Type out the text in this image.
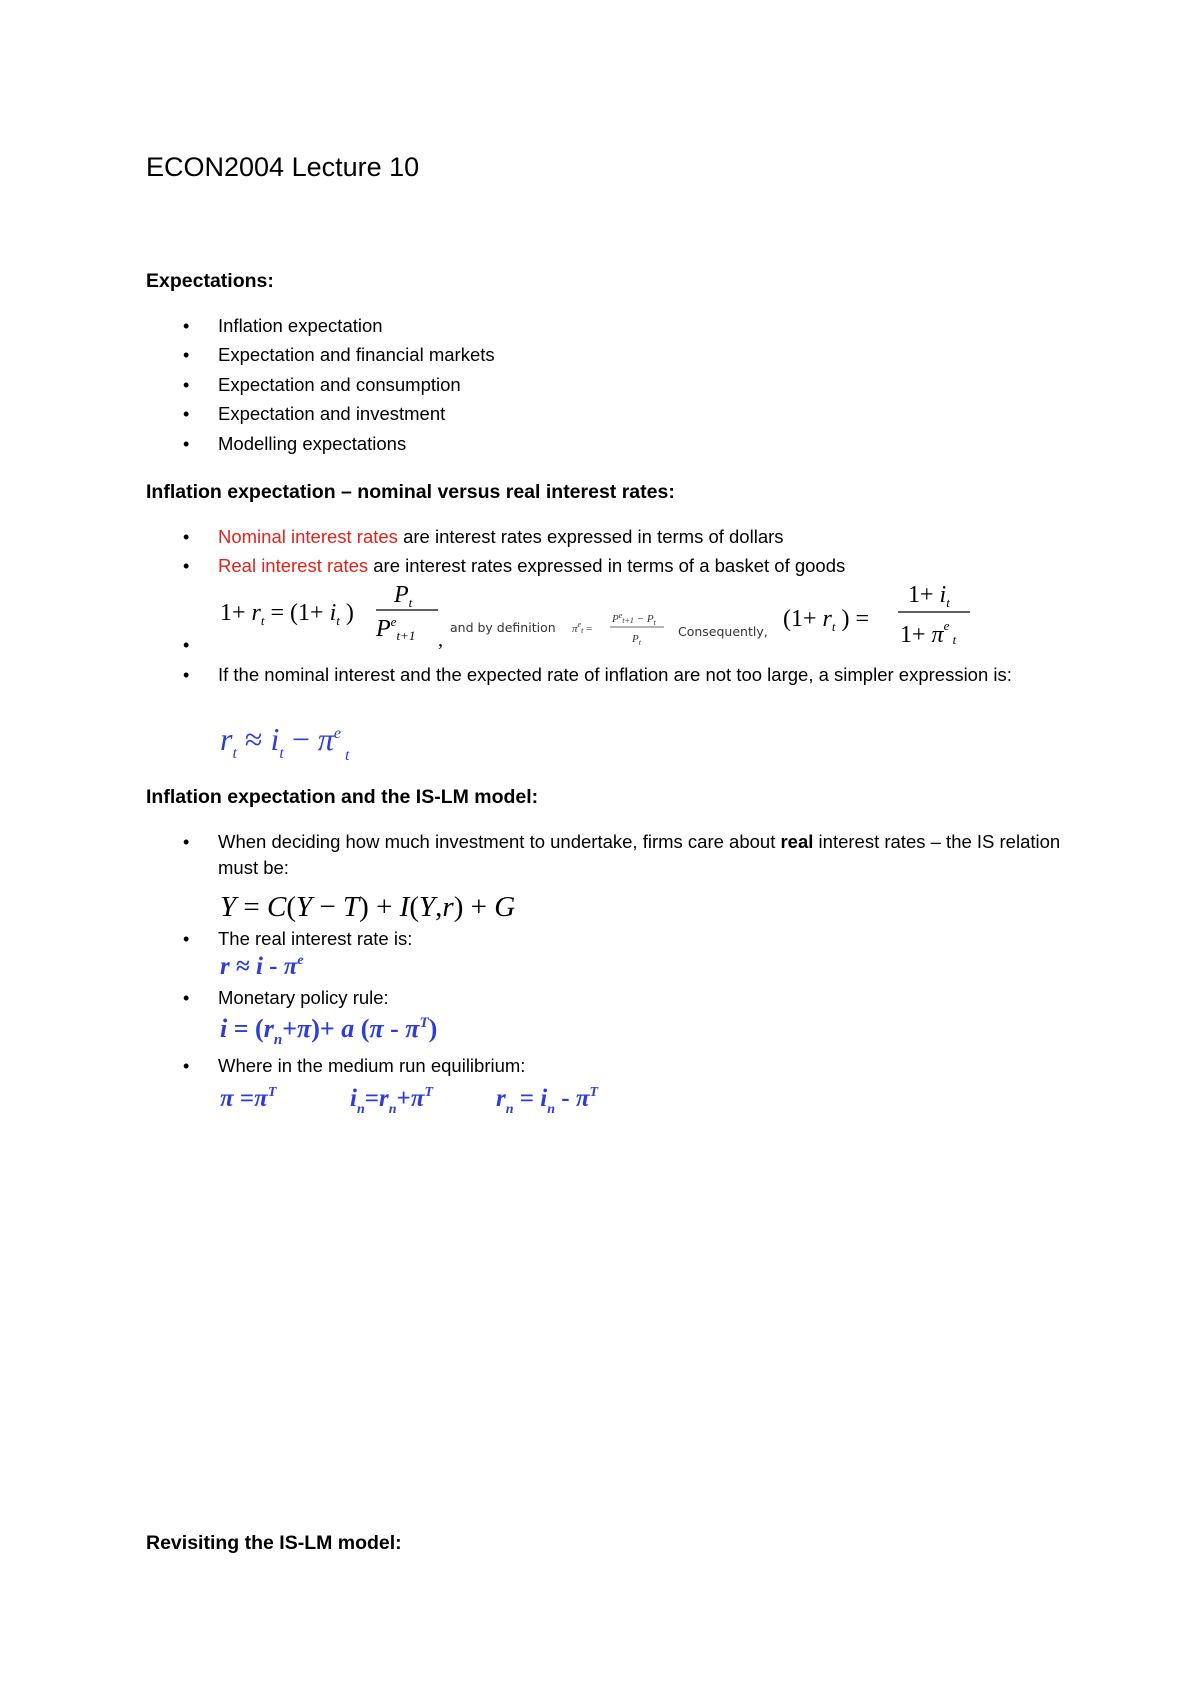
ECON2004 Lecture 10
Expectations:
• Inflation expectation
• Expectation and financial markets
• Expectation and consumption
• Expectation and investment
• Modelling expectations
Inflation expectation – nominal versus real interest rates:
• Nominal interest rates are interest rates expressed in terms of dollars
• Real interest rates are interest rates expressed in terms of a basket of goods
•
$1+ r_t = (1+ i_t$ )
$P_t$
$P^e_{t+1}$ ,
and by definition $\pi^e_t$ =
$P^e_{t+1} - P_t$
$P_t$
Consequently, ($1+ r_t$ ) =
$1+ i_t$
$1+ \pi^e$ $_t$
• If the nominal interest and the expected rate of inflation are not too large, a simpler expression is:
$r_t \approx i_t - \pi^e$ $_t$
Inflation expectation and the IS-LM model:
• When deciding how much investment to undertake, firms care about real interest rates – the IS relation must be:
Y = C(Y − T) + I(Y,r) + G
• The real interest rate is:
$r \approx i - \pi^e$
• Monetary policy rule:
$i = (r_n+\pi)+ a$ $(\pi - \pi^T)$
• Where in the medium run equilibrium:
$\pi =\pi^T$	$i_n=r_n+\pi^T$	$r_n = i_n - \pi^T$
Revisiting the IS-LM model:
